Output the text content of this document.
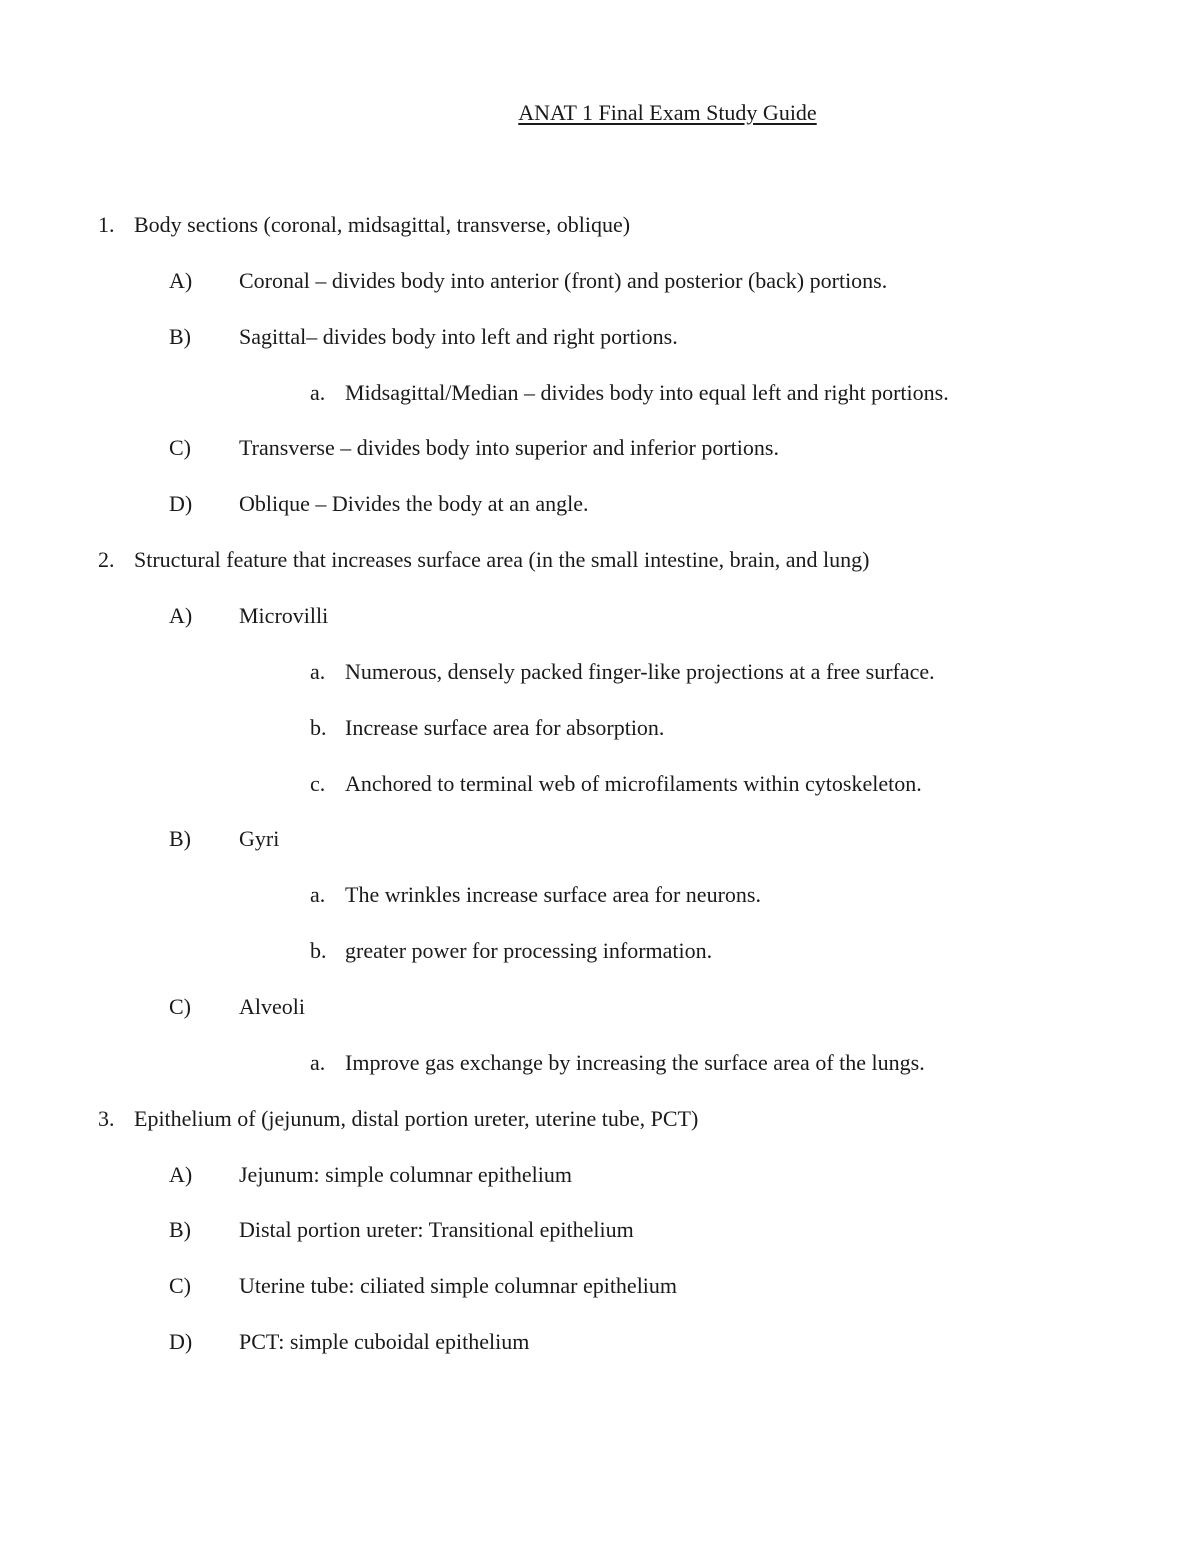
ANAT 1 Final Exam Study Guide
1. Body sections (coronal, midsagittal, transverse, oblique)
A) Coronal – divides body into anterior (front) and posterior (back) portions.
B) Sagittal– divides body into left and right portions.
a. Midsagittal/Median – divides body into equal left and right portions.
C) Transverse – divides body into superior and inferior portions.
D) Oblique – Divides the body at an angle.
2. Structural feature that increases surface area (in the small intestine, brain, and lung)
A) Microvilli
a. Numerous, densely packed finger-like projections at a free surface.
b. Increase surface area for absorption.
c. Anchored to terminal web of microfilaments within cytoskeleton.
B) Gyri
a. The wrinkles increase surface area for neurons.
b. greater power for processing information.
C) Alveoli
a. Improve gas exchange by increasing the surface area of the lungs.
3. Epithelium of (jejunum, distal portion ureter, uterine tube, PCT)
A) Jejunum: simple columnar epithelium
B) Distal portion ureter: Transitional epithelium
C) Uterine tube: ciliated simple columnar epithelium
D) PCT: simple cuboidal epithelium
